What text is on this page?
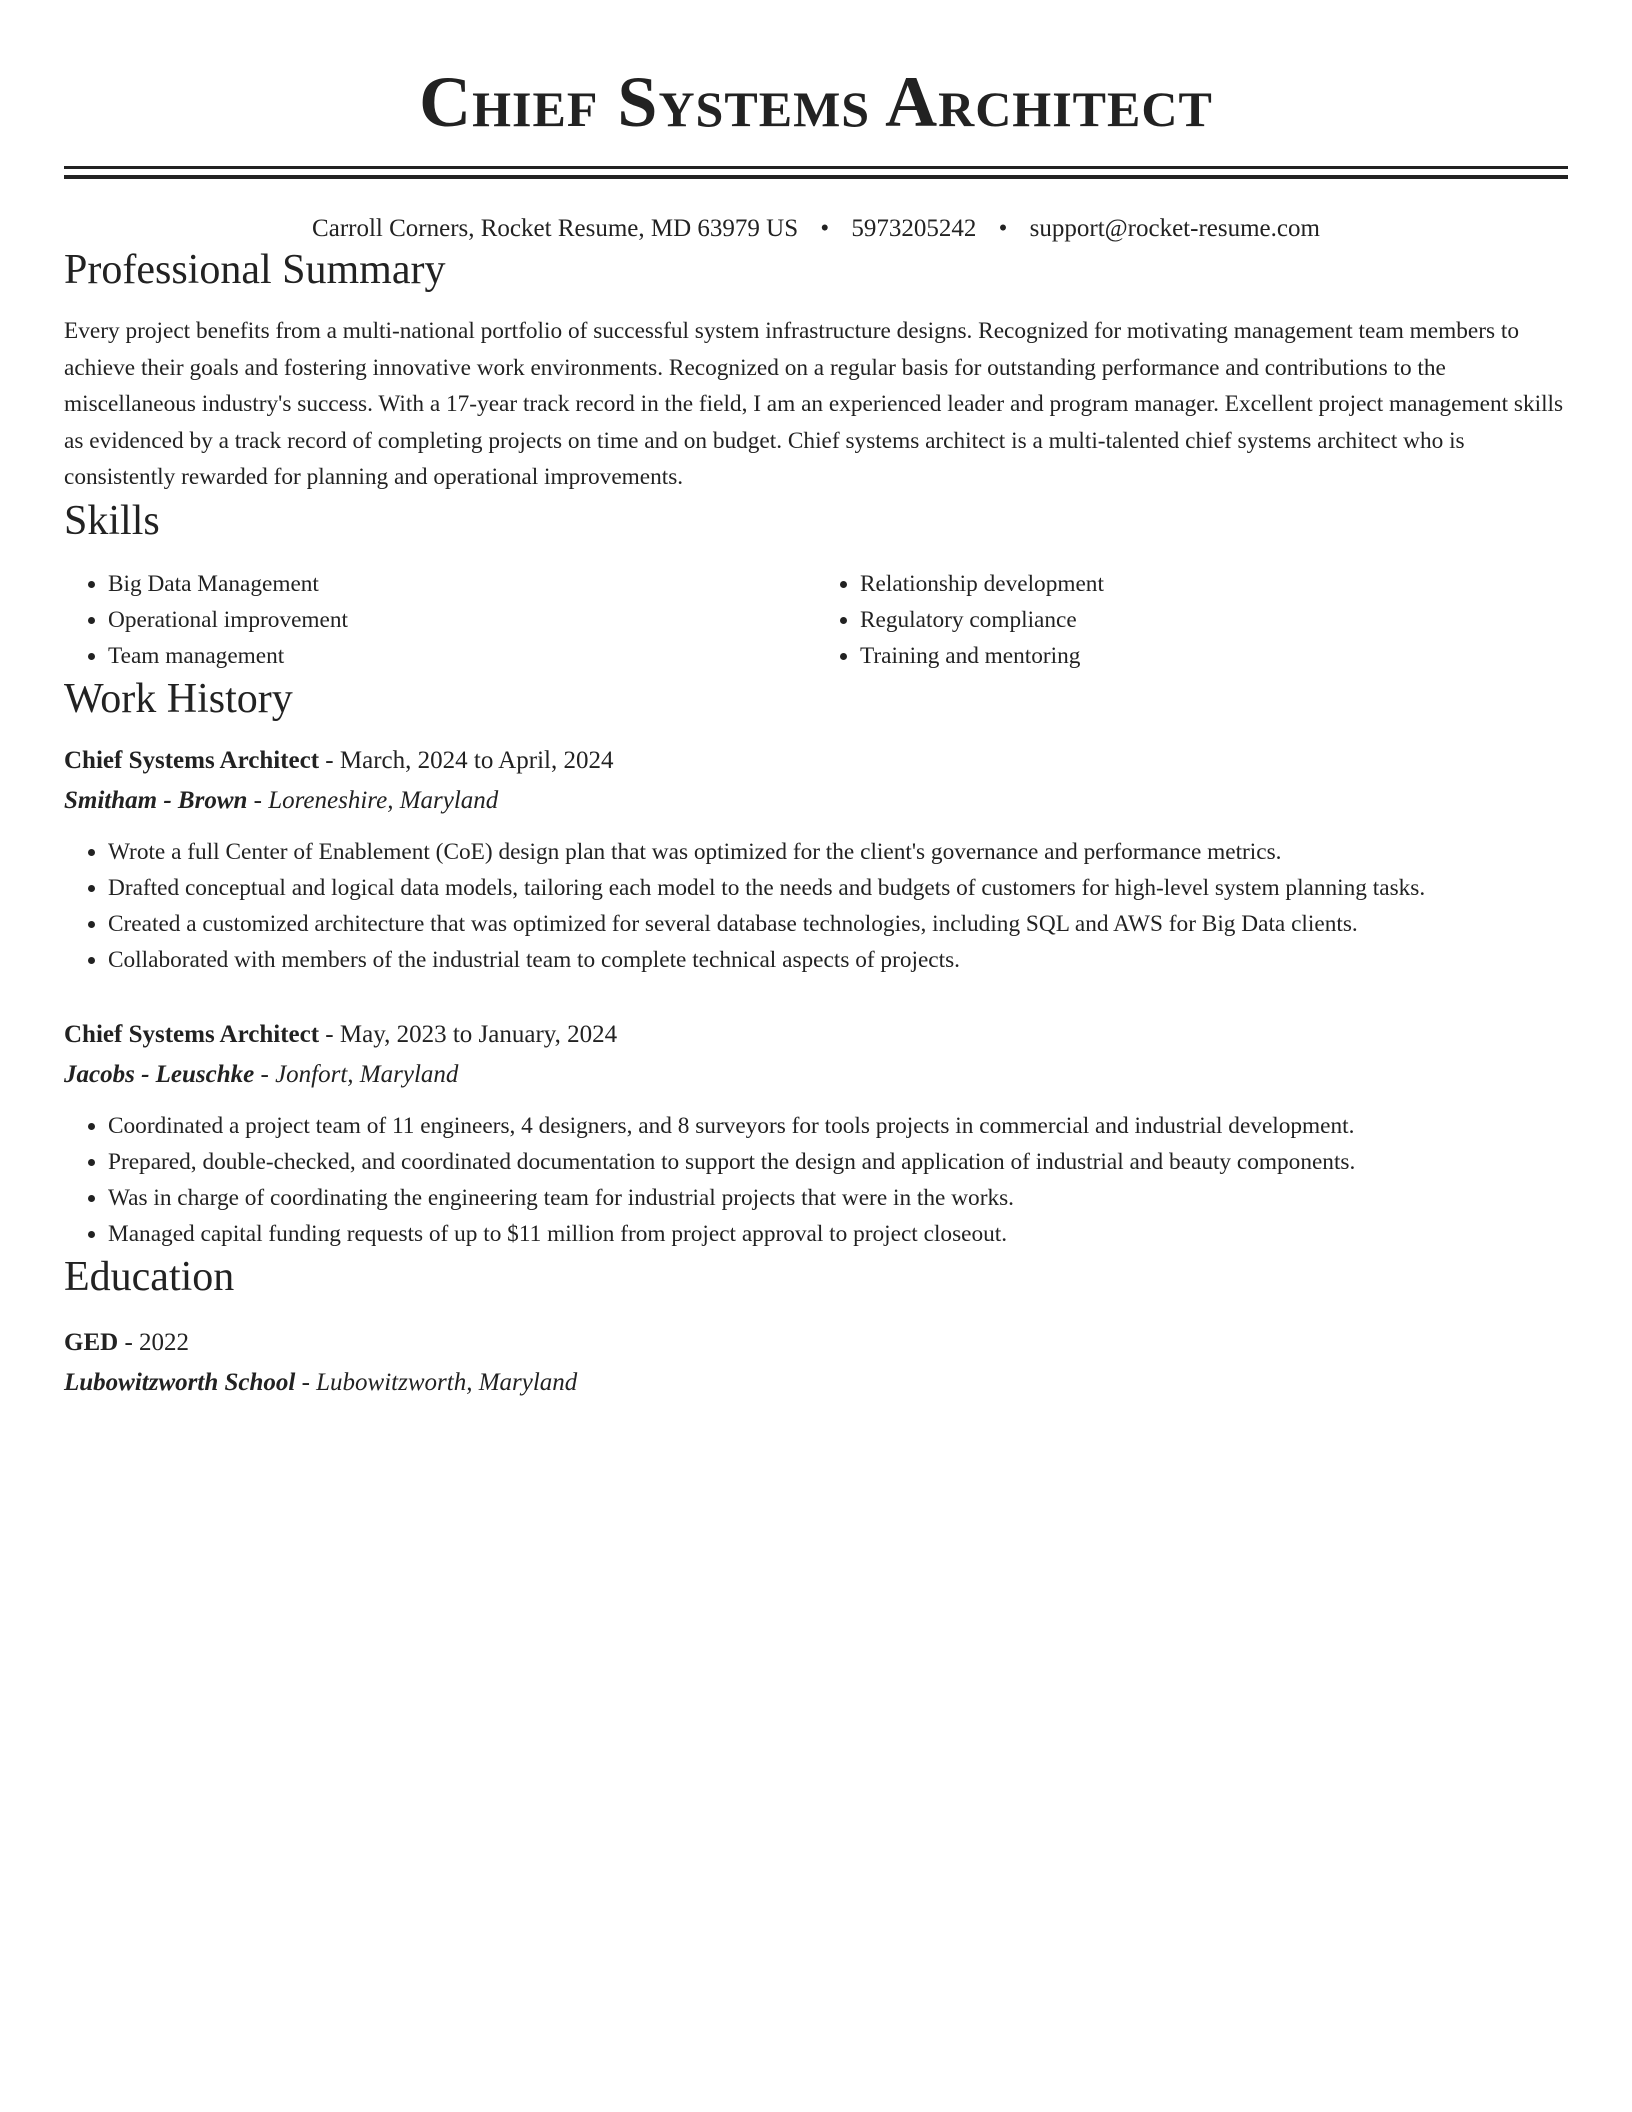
Chief Systems Architect
Carroll Corners, Rocket Resume, MD 63979 US • 5973205242 • support@rocket-resume.com
Professional Summary
Every project benefits from a multi-national portfolio of successful system infrastructure designs. Recognized for motivating management team members to achieve their goals and fostering innovative work environments. Recognized on a regular basis for outstanding performance and contributions to the miscellaneous industry's success. With a 17-year track record in the field, I am an experienced leader and program manager. Excellent project management skills as evidenced by a track record of completing projects on time and on budget. Chief systems architect is a multi-talented chief systems architect who is consistently rewarded for planning and operational improvements.
Skills
• Big Data Management
• Operational improvement
• Team management
• Relationship development
• Regulatory compliance
• Training and mentoring
Work History
Chief Systems Architect - March, 2024 to April, 2024
Smitham - Brown - Loreneshire, Maryland
• Wrote a full Center of Enablement (CoE) design plan that was optimized for the client's governance and performance metrics.
• Drafted conceptual and logical data models, tailoring each model to the needs and budgets of customers for high-level system planning tasks.
• Created a customized architecture that was optimized for several database technologies, including SQL and AWS for Big Data clients.
• Collaborated with members of the industrial team to complete technical aspects of projects.
Chief Systems Architect - May, 2023 to January, 2024
Jacobs - Leuschke - Jonfort, Maryland
• Coordinated a project team of 11 engineers, 4 designers, and 8 surveyors for tools projects in commercial and industrial development.
• Prepared, double-checked, and coordinated documentation to support the design and application of industrial and beauty components.
• Was in charge of coordinating the engineering team for industrial projects that were in the works.
• Managed capital funding requests of up to $11 million from project approval to project closeout.
Education
GED - 2022
Lubowitzworth School - Lubowitzworth, Maryland
